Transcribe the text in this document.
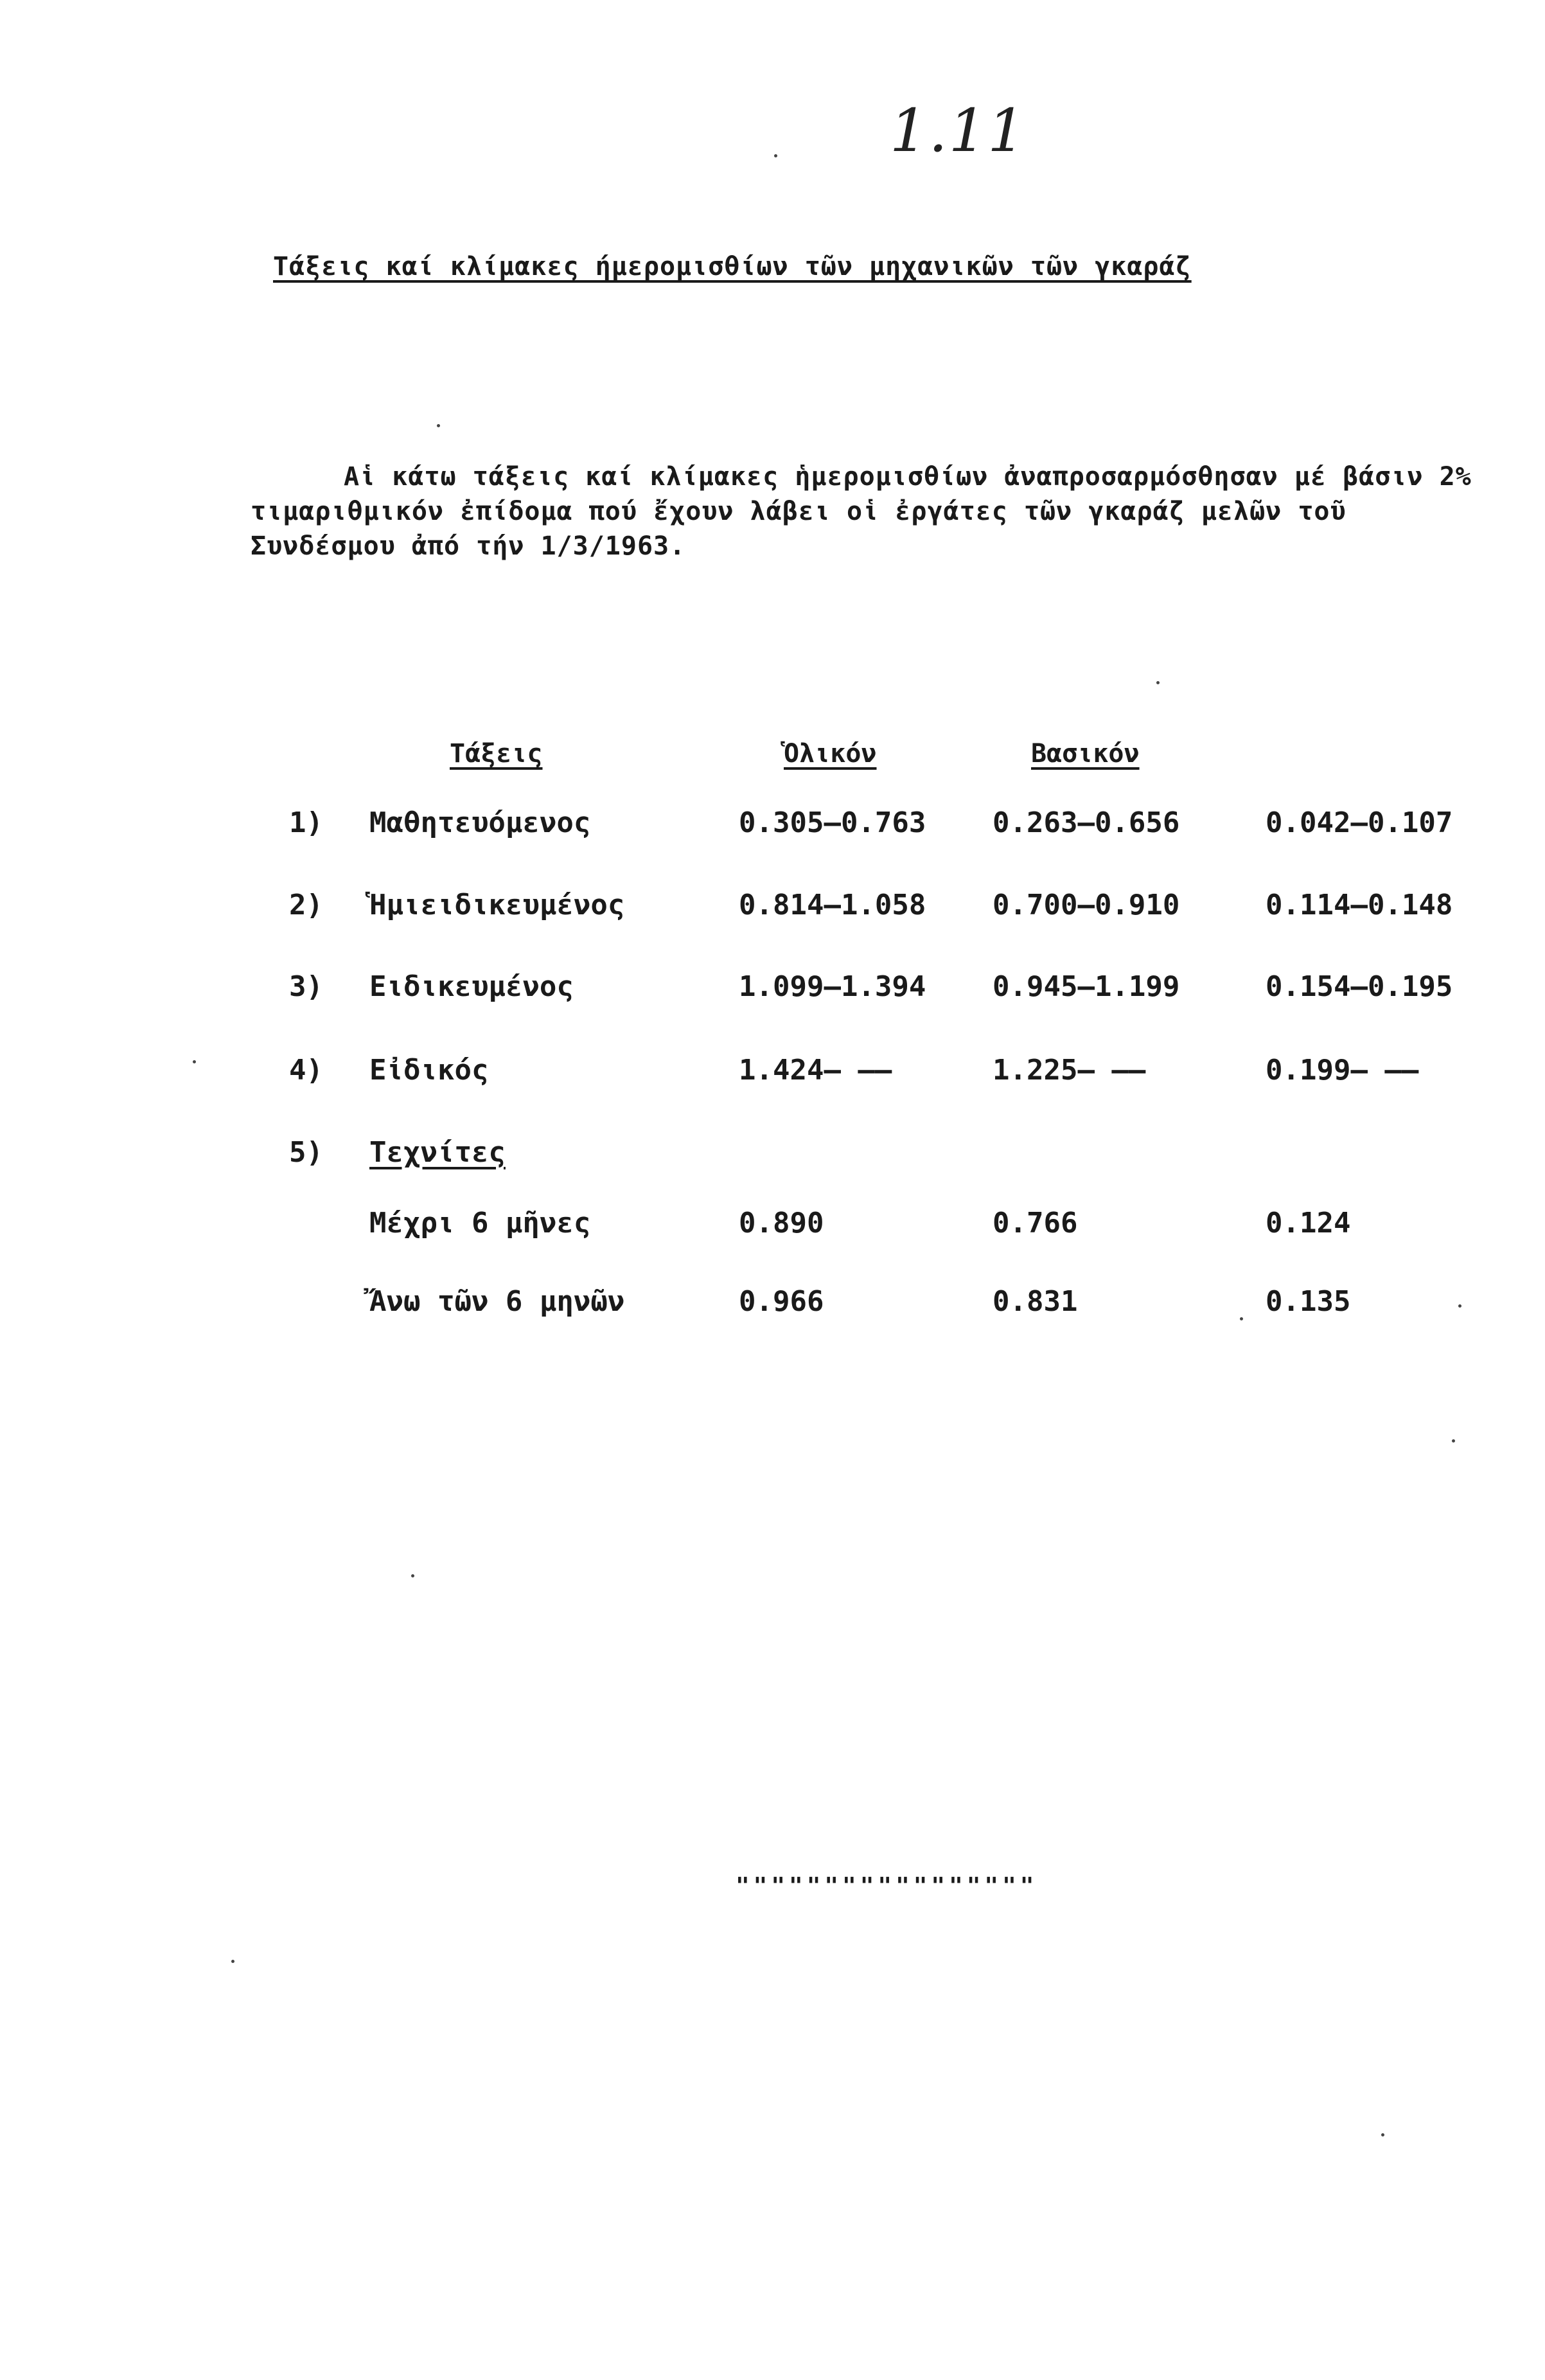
1.11
Τάξεις καί κλίμακες ήμερομισθίων τῶν μηχανικῶν τῶν γκαράζ
Αἱ κάτω τάξεις καί κλίμακες ἡμερομισθίων ἀναπροσαρμόσθησαν μέ βάσιν 2% τιμαριθμικόν ἐπίδομα πού ἔχουν λάβει οἱ ἐργάτες τῶν γκαράζ μελῶν τοῦ Συνδέσμου ἀπό τήν 1/3/1963.
Τάξεις	Ὁλικόν	Βασικόν
1) Μαθητευόμενος	0.305–0.763 0.263–0.656	0.042–0.107
2) Ἡμιειδικευμένος	0.814–1.058 0.700–0.910	0.114–0.148
3) Ειδικευμένος	1.099–1.394 0.945–1.199	0.154–0.195
4) Εἰδικός	1.424– ——	1.225– ——	0.199– ——
5) Τεχνίτες
Μέχρι 6 μῆνες	0.890	0.766	0.124
Ἄνω τῶν 6 μηνῶν	0.966	0.831	0.135
"""""""""""""""""
